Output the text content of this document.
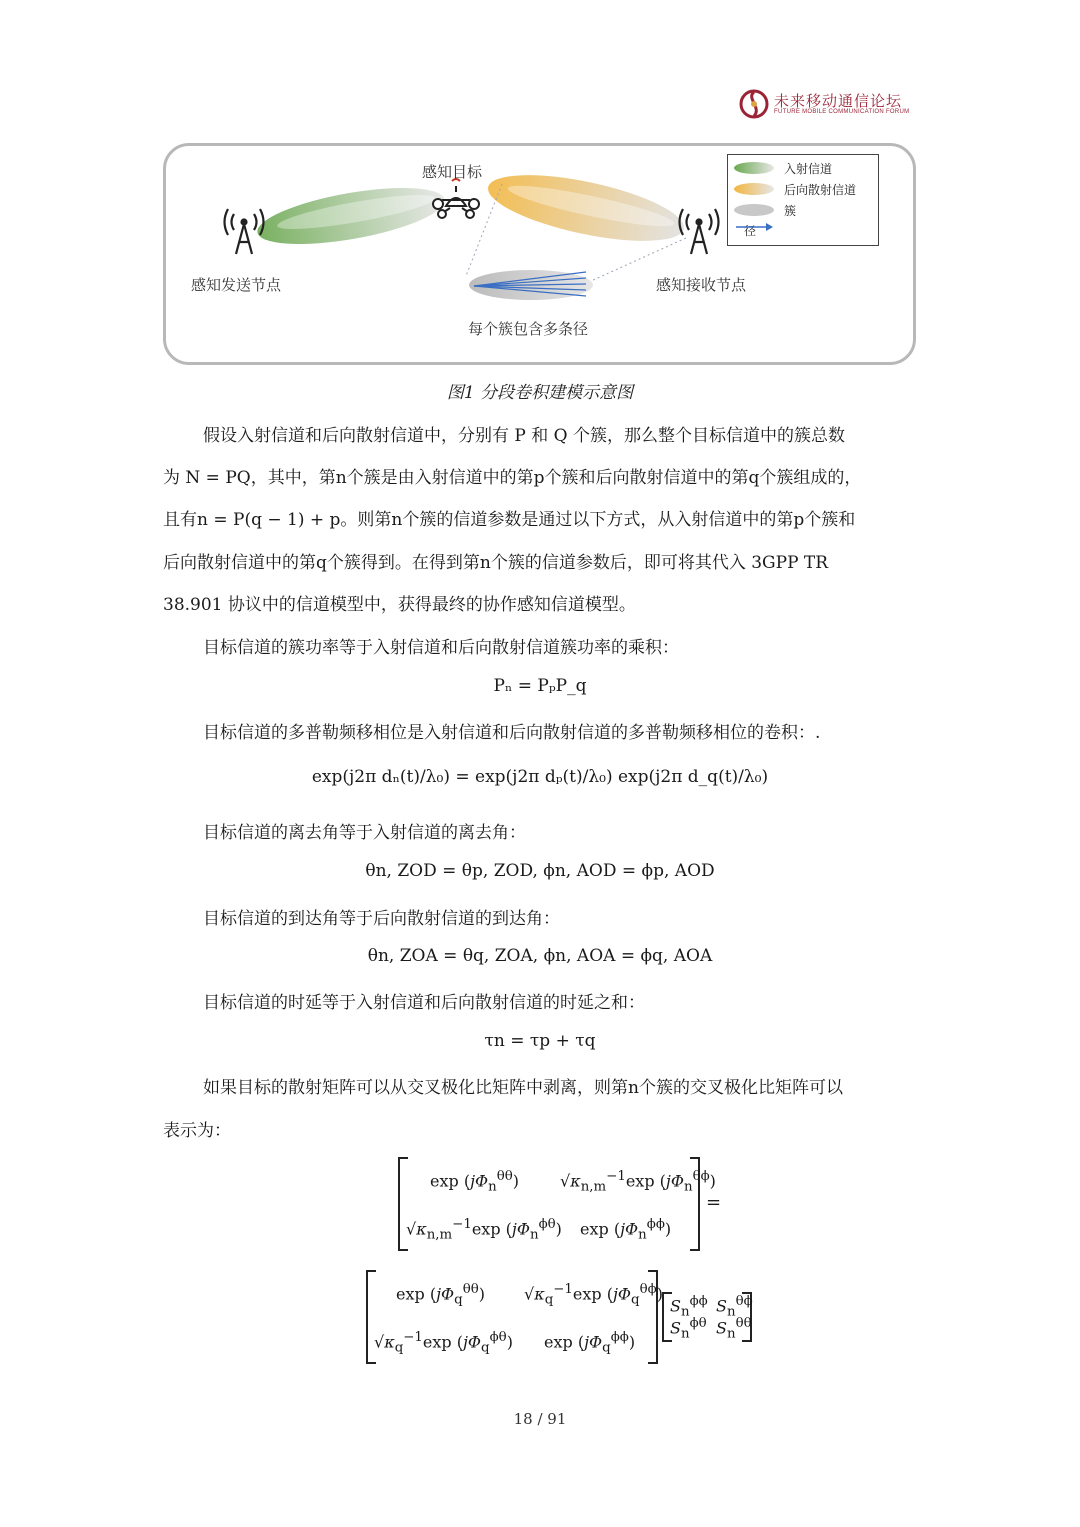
未来移动通信论坛
FUTURE MOBILE COMMUNICATION FORUM
感知目标
感知发送节点	感知接收节点
每个簇包含多条径
入射信道
后向散射信道
簇
径
图1 分段卷积建模示意图
假设入射信道和后向散射信道中，分别有 P 和 Q 个簇，那么整个目标信道中的簇总数
为 N = PQ，其中，第n个簇是由入射信道中的第p个簇和后向散射信道中的第q个簇组成的，
且有n = P(q − 1) + p。则第n个簇的信道参数是通过以下方式，从入射信道中的第p个簇和
后向散射信道中的第q个簇得到。在得到第n个簇的信道参数后，即可将其代入 3GPP TR
38.901 协议中的信道模型中，获得最终的协作感知信道模型。
目标信道的簇功率等于入射信道和后向散射信道簇功率的乘积：
Pₙ = PₚP_q
目标信道的多普勒频移相位是入射信道和后向散射信道的多普勒频移相位的卷积：.
exp(j2π dₙ(t)/λ₀) = exp(j2π dₚ(t)/λ₀) exp(j2π d_q(t)/λ₀)
目标信道的离去角等于入射信道的离去角：
θn, ZOD = θp, ZOD, ϕn, AOD = ϕp, AOD
目标信道的到达角等于后向散射信道的到达角：
θn, ZOA = θq, ZOA, ϕn, AOA = ϕq, AOA
目标信道的时延等于入射信道和后向散射信道的时延之和：
τn = τp + τq
如果目标的散射矩阵可以从交叉极化比矩阵中剥离，则第n个簇的交叉极化比矩阵可以
表示为：
$\exp (j\Phi_n^{\theta\theta})$	$√\kappa_{n,m}^{-1}\exp$ $(j\Phi_n^{\theta\phi})$
$√\kappa_{n,m}^{-1}\exp$ $(j\Phi_n^{\phi\theta})$ $\exp (j\Phi_n^{\phi\phi})$
=
$\exp (j\Phi_q^{\theta\theta})$ $√\kappa_q^{-1}\exp$ $(j\Phi_q^{\theta\phi})$
$√\kappa_q^{-1}\exp$ $(j\Phi_q^{\phi\theta})$ $\exp (j\Phi_q^{\phi\phi})$
$S_n^{\phi\phi}$ $S_n^{\theta\phi}$
$S_n^{\phi\theta}$ $S_n^{\theta\theta}$
18 / 91
